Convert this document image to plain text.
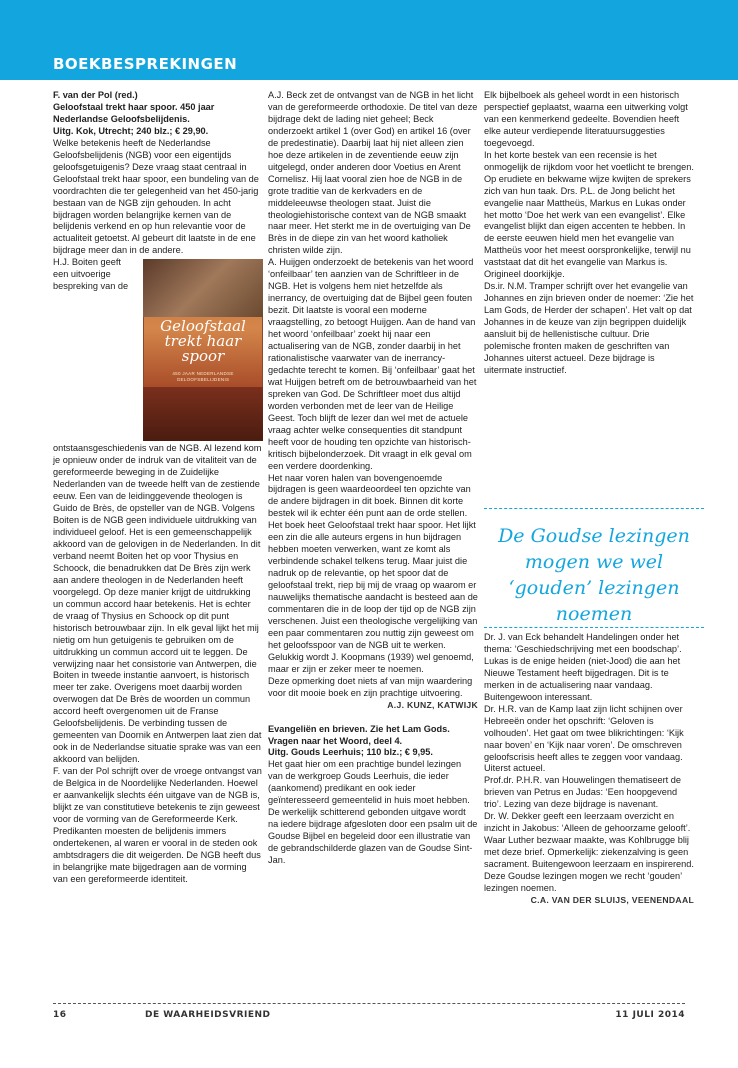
BOEKBESPREKINGEN

F. van der Pol (red.)

Geloofstaal trekt haar spoor. 450 jaar Nederlandse Geloofsbelijdenis.

Uitg. Kok, Utrecht; 240 blz.; € 29,90.

Welke betekenis heeft de Nederlandse Geloofsbelijdenis (NGB) voor een eigentijds geloofsgetuigenis? Deze vraag staat centraal in Geloofstaal trekt haar spoor, een bundeling van de voordrachten die ter gelegenheid van het 450-jarig bestaan van de NGB zijn gehouden. In acht bijdragen worden belangrijke kernen van de belijdenis verkend en op hun relevantie voor de actualiteit getoetst. Al gebeurt dit laatste in de ene bijdrage meer dan in de andere.

Geloofstaal trekt haar spoor
450 JAAR NEDERLANDSE GELOOFSBELIJDENIS

H.J. Boiten geeft een uitvoerige bespreking van de ontstaansgeschiedenis van de NGB. Al lezend kom je opnieuw onder de indruk van de vitaliteit van de gereformeerde beweging in de Zuidelijke Nederlanden van de tweede helft van de zestiende eeuw. Een van de leidinggevende theologen is Guido de Brès, de opsteller van de NGB. Volgens Boiten is de NGB geen individuele uitdrukking van individueel geloof. Het is een gemeenschappelijk akkoord van de gelovigen in de Nederlanden. In dit verband neemt Boiten het op voor Thysius en Schoock, die benadrukken dat De Brès zijn werk aan andere theologen in de Nederlanden heeft voorgelegd. Op deze manier krijgt de uitdrukking un commun accord haar betekenis. Het is echter de vraag of Thysius en Schoock op dit punt historisch betrouwbaar zijn. In elk geval lijkt het mij nietig om hun getuigenis te gebruiken om de uitdrukking un commun accord uit te leggen. De verwijzing naar het consistorie van Antwerpen, die Boiten in tweede instantie aanvoert, is historisch meer ter zake. Overigens moet daarbij worden overwogen dat De Brès de woorden un commun accord heeft overgenomen uit de Franse Geloofsbelijdenis. De verbinding tussen de gemeenten van Doornik en Antwerpen laat zien dat ook in de Nederlandse situatie sprake was van een akkoord van belijden.

F. van der Pol schrijft over de vroege ontvangst van de Belgica in de Noordelijke Nederlanden. Hoewel er aanvankelijk slechts één uitgave van de NGB is, blijkt ze van constitutieve betekenis te zijn geweest voor de vorming van de Gereformeerde Kerk. Predikanten moesten de belijdenis immers ondertekenen, al waren er vooral in de steden ook ambtsdragers die dit weigerden. De NGB heeft dus in belangrijke mate bijgedragen aan de vorming van een gereformeerde identiteit.

A.J. Beck zet de ontvangst van de NGB in het licht van de gereformeerde orthodoxie. De titel van deze bijdrage dekt de lading niet geheel; Beck onderzoekt artikel 1 (over God) en artikel 16 (over de predestinatie). Daarbij laat hij niet alleen zien hoe deze artikelen in de zeventiende eeuw zijn uitgelegd, onder anderen door Voetius en Arent Cornelisz. Hij laat vooral zien hoe de NGB in de grote traditie van de kerkvaders en de middeleeuwse theologen staat. Juist die theologiehistorische context van de NGB smaakt naar meer. Het sterkt me in de overtuiging van De Brès in de diepe zin van het woord katholiek christen wilde zijn.

A. Huijgen onderzoekt de betekenis van het woord ‘onfeilbaar’ ten aanzien van de Schriftleer in de NGB. Het is volgens hem niet hetzelfde als inerrancy, de overtuiging dat de Bijbel geen fouten bezit. Dit laatste is vooral een moderne vraagstelling, zo betoogt Huijgen. Aan de hand van het woord ‘onfeilbaar’ zoekt hij naar een actualisering van de NGB, zonder daarbij in het rationalistische vaarwater van de inerrancy-gedachte terecht te komen. Bij ‘onfeilbaar’ gaat het wat Huijgen betreft om de betrouwbaarheid van het spreken van God. De Schriftleer moet dus altijd worden verbonden met de leer van de Heilige Geest. Toch blijft de lezer dan wel met de actuele vraag achter welke consequenties dit standpunt heeft voor de houding ten opzichte van historisch-kritisch bijbelonderzoek. Dit vraagt in elk geval om een verdere doordenking.

Het naar voren halen van bovengenoemde bijdragen is geen waardeoordeel ten opzichte van de andere bijdragen in dit boek. Binnen dit korte bestek wil ik echter één punt aan de orde stellen. Het boek heet Geloofstaal trekt haar spoor. Het lijkt een zin die alle auteurs ergens in hun bijdragen hebben moeten verwerken, want ze komt als verbindende schakel telkens terug. Maar juist die nadruk op de relevantie, op het spoor dat de geloofstaal trekt, riep bij mij de vraag op waarom er nauwelijks thematische aandacht is besteed aan de commentaren die in de loop der tijd op de NGB zijn verschenen. Juist een theologische vergelijking van een paar commentaren zou nuttig zijn geweest om het geloofsspoor van de NGB uit te werken. Gelukkig wordt J. Koopmans (1939) wel genoemd, maar er zijn er zeker meer te noemen.

Deze opmerking doet niets af van mijn waardering voor dit mooie boek en zijn prachtige uitvoering.

A.J. KUNZ, KATWIJK

Evangeliën en brieven. Zie het Lam Gods. Vragen naar het Woord, deel 4.

Uitg. Gouds Leerhuis; 110 blz.; € 9,95.

Het gaat hier om een prachtige bundel lezingen van de werkgroep Gouds Leerhuis, die ieder (aankomend) predikant en ook ieder geïnteresseerd gemeentelid in huis moet hebben. De werkelijk schitterend gebonden uitgave wordt na iedere bijdrage afgesloten door een psalm uit de Goudse Bijbel en begeleid door een illustratie van de gebrandschilderde glazen van de Goudse Sint-Jan.

Elk bijbelboek als geheel wordt in een historisch perspectief geplaatst, waarna een uitwerking volgt van een kenmerkend gedeelte. Bovendien heeft elke auteur verdiepende literatuursuggesties toegevoegd.

In het korte bestek van een recensie is het onmogelijk de rijkdom voor het voetlicht te brengen. Op erudiete en bekwame wijze kwijten de sprekers zich van hun taak. Drs. P.L. de Jong belicht het evangelie naar Mattheüs, Markus en Lukas onder het motto ‘Doe het werk van een evangelist’. Elke evangelist blijkt dan eigen accenten te hebben. In de eerste eeuwen hield men het evangelie van Mattheüs voor het meest oorspronkelijke, terwijl nu vaststaat dat dit het evangelie van Markus is. Origineel doorkijkje.

Ds.ir. N.M. Tramper schrijft over het evangelie van Johannes en zijn brieven onder de noemer: ‘Zie het Lam Gods, de Herder der schapen’. Het valt op dat Johannes in de keuze van zijn begrippen duidelijk aansluit bij de hellenistische cultuur. Drie polemische fronten maken de geschriften van Johannes uiterst actueel. Deze bijdrage is uitermate instructief.

De Goudse lezingen mogen we wel ‘gouden’ lezingen noemen

Dr. J. van Eck behandelt Handelingen onder het thema: ‘Geschiedschrijving met een boodschap’. Lukas is de enige heiden (niet-Jood) die aan het Nieuwe Testament heeft bijgedragen. Dit is te merken in de actualisering naar vandaag. Buitengewoon interessant.

Dr. H.R. van de Kamp laat zijn licht schijnen over Hebreeën onder het opschrift: ‘Geloven is volhouden’. Het gaat om twee blikrichtingen: ‘Kijk naar boven’ en ‘Kijk naar voren’. De omschreven geloofscrisis heeft alles te zeggen voor vandaag. Uiterst actueel.

Prof.dr. P.H.R. van Houwelingen thematiseert de brieven van Petrus en Judas: ‘Een hoopgevend trio’. Lezing van deze bijdrage is navenant.

Dr. W. Dekker geeft een leerzaam overzicht en inzicht in Jakobus: ‘Alleen de gehoorzame gelooft’. Waar Luther bezwaar maakte, was Kohlbrugge blij met deze brief. Opmerkelijk: ziekenzalving is geen sacrament. Buitengewoon leerzaam en inspirerend.

Deze Goudse lezingen mogen we recht ‘gouden’ lezingen noemen.

C.A. VAN DER SLUIJS, VEENENDAAL

16	DE WAARHEIDSVRIEND	11 JULI 2014
